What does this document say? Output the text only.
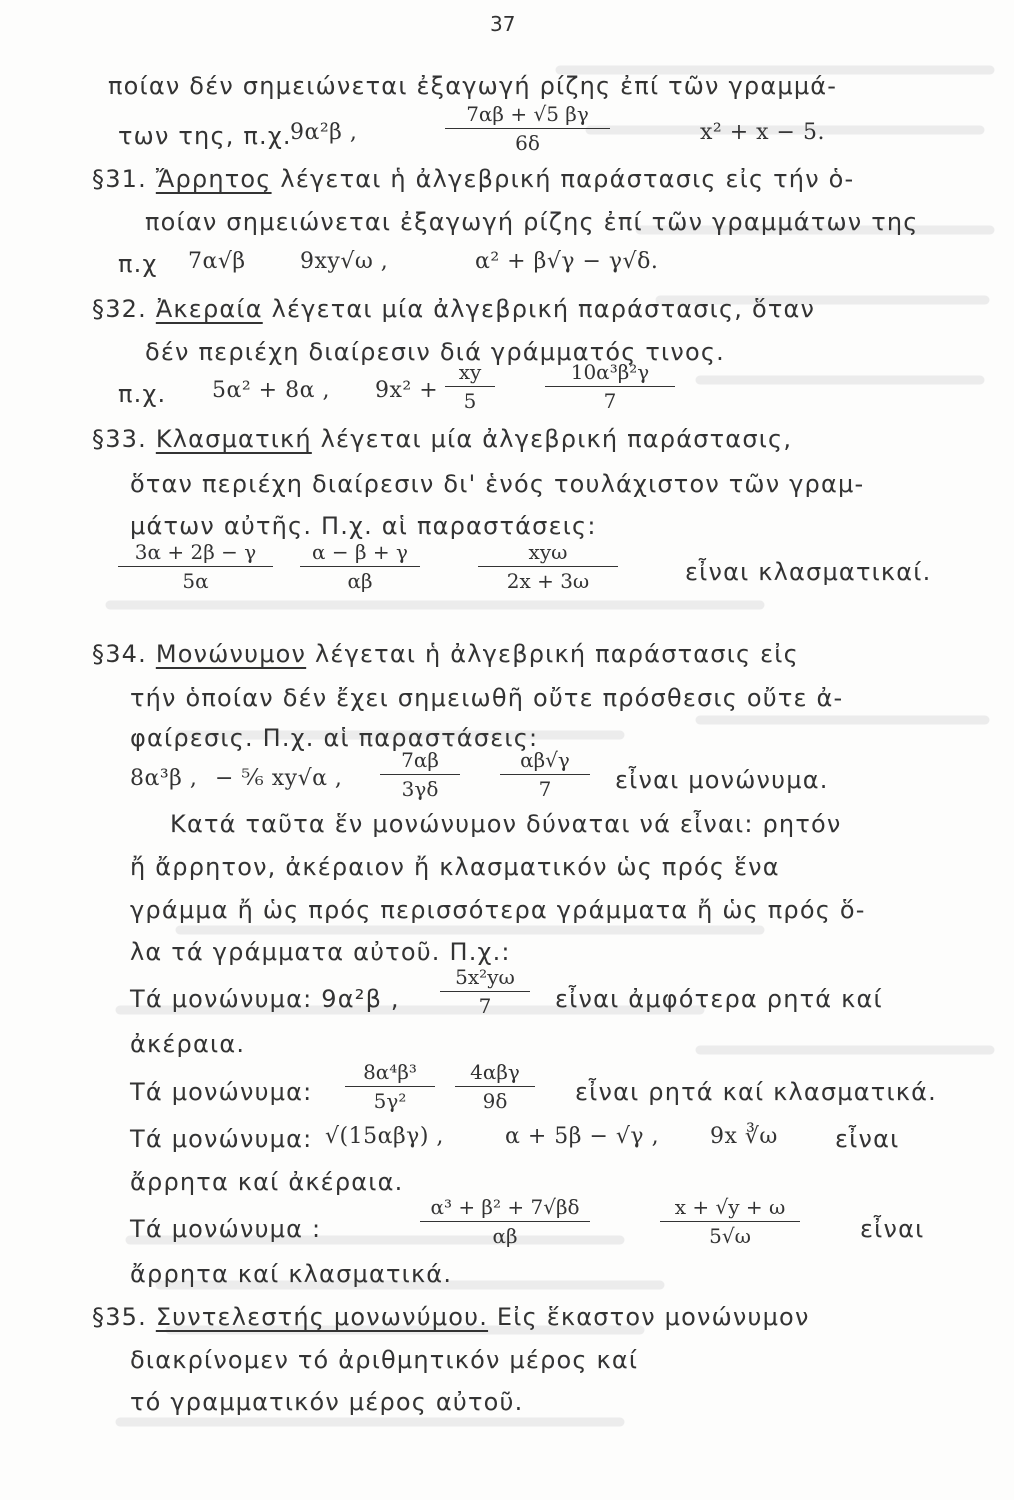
37
ποίαν δέν σημειώνεται ἐξαγωγή ρίζης ἐπί τῶν γραμμά-
των της, π.χ.
9α²β ,	$\frac{7\alpha\beta + √5 \beta\gamma}{6\delta}$	x² + x − 5.
§31. Ἄρρητος λέγεται ἡ ἀλγεβρική παράστασις εἰς τήν ὁ-
ποίαν σημειώνεται ἐξαγωγή ρίζης ἐπί τῶν γραμμάτων της
π.χ 7α√β 9xy√ω ,	α² + β√γ − γ√δ.
§32. Ἀκεραία λέγεται μία ἀλγεβρική παράστασις, ὅταν
δέν περιέχη διαίρεσιν διά γράμματός τινος.
π.χ. 5α² + 8α , $9x^2 + \frac{xy}{5}$	$\frac{\text{10α³β²γ}}{7}$
§33. Κλασματική λέγεται μία ἀλγεβρική παράστασις,
ὅταν περιέχη διαίρεσιν δι' ἑνός τουλάχιστον τῶν γραμ-
μάτων αὐτῆς. Π.χ. αἱ παραστάσεις:
$\frac{3\alpha + 2\beta - \gamma}{5\alpha} \frac{\alpha - \beta + \gamma}{\alpha\beta}$	xyω
2x + 3ω	εἶναι κλασματικαί.
§34. Μονώνυμον λέγεται ἡ ἀλγεβρική παράστασις εἰς
τήν ὁποίαν δέν ἔχει σημειωθῆ οὔτε πρόσθεσις οὔτε ἀ-
φαίρεσις. Π.χ. αἱ παραστάσεις:
8α³β , − ⁵⁄₆ xy√α , $\frac{7\alpha\beta}{3\gamma\delta} \frac{\alpha\beta√\gamma}{7}$ εἶναι μονώνυμα.
Κατά ταῦτα ἕν μονώνυμον δύναται νά εἶναι: ρητόν
ἤ ἄρρητον, ἀκέραιον ἤ κλασματικόν ὡς πρός ἕνα
γράμμα ἤ ὡς πρός περισσότερα γράμματα ἤ ὡς πρός ὅ-
λα τά γράμματα αὐτοῦ. Π.χ.:
Τά μονώνυμα: 9α²β , $\frac{\text{5x²yω}}{7}$ εἶναι ἀμφότερα ρητά καί
ἀκέραια.
Τά μονώνυμα: $\frac{\text{8α⁴β³}}{\text{5γ²}}$	4αβγ
9δ	εἶναι ρητά καί κλασματικά.
Τά μονώνυμα: √(15αβγ) ,	α + 5β − √γ , 9x ∛ω εἶναι
ἄρρητα καί ἀκέραια.
Τά μονώνυμα :	$\frac{\text{α³ + β² + 7√βδ}}{\alpha\beta}$	$\frac{x + √y + \omega}{5√\omega}$	εἶναι
ἄρρητα καί κλασματικά.
§35. Συντελεστής μονωνύμου. Εἰς ἕκαστον μονώνυμον
διακρίνομεν τό ἀριθμητικόν μέρος καί
τό γραμματικόν μέρος αὐτοῦ.
